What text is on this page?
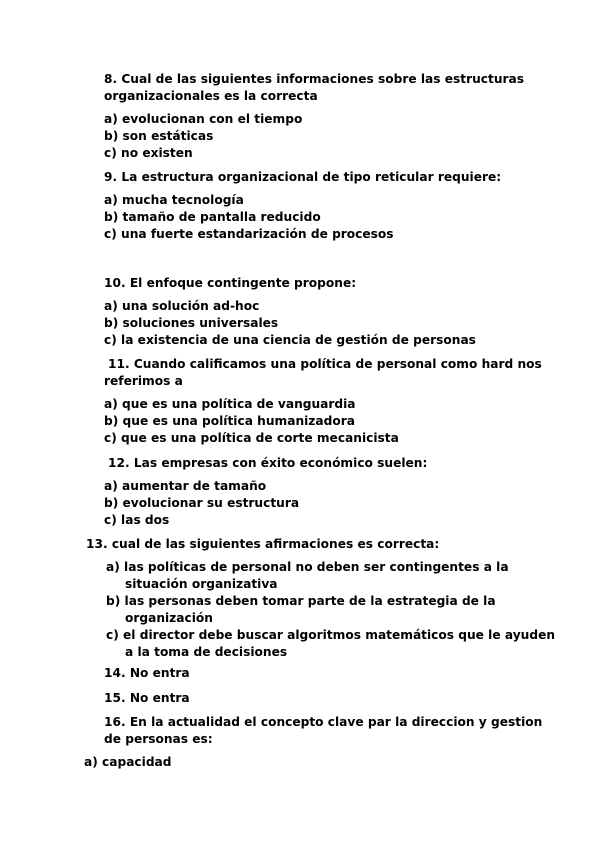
8. Cual de las siguientes informaciones sobre las estructuras
organizacionales es la correcta
a) evolucionan con el tiempo
b) son estáticas
c) no existen
9. La estructura organizacional de tipo reticular requiere:
a) mucha tecnología
b) tamaño de pantalla reducido
c) una fuerte estandarización de procesos
10. El enfoque contingente propone:
a) una solución ad-hoc
b) soluciones universales
c) la existencia de una ciencia de gestión de personas
11. Cuando calificamos una política de personal como hard nos
referimos a
a) que es una política de vanguardia
b) que es una política humanizadora
c) que es una política de corte mecanicista
12. Las empresas con éxito económico suelen:
a) aumentar de tamaño
b) evolucionar su estructura
c) las dos
13. cual de las siguientes afirmaciones es correcta:
a) las políticas de personal no deben ser contingentes a la
situación organizativa
b) las personas deben tomar parte de la estrategia de la
organización
c) el director debe buscar algoritmos matemáticos que le ayuden
a la toma de decisiones
14. No entra
15. No entra
16. En la actualidad el concepto clave par la direccion y gestion
de personas es:
a) capacidad
